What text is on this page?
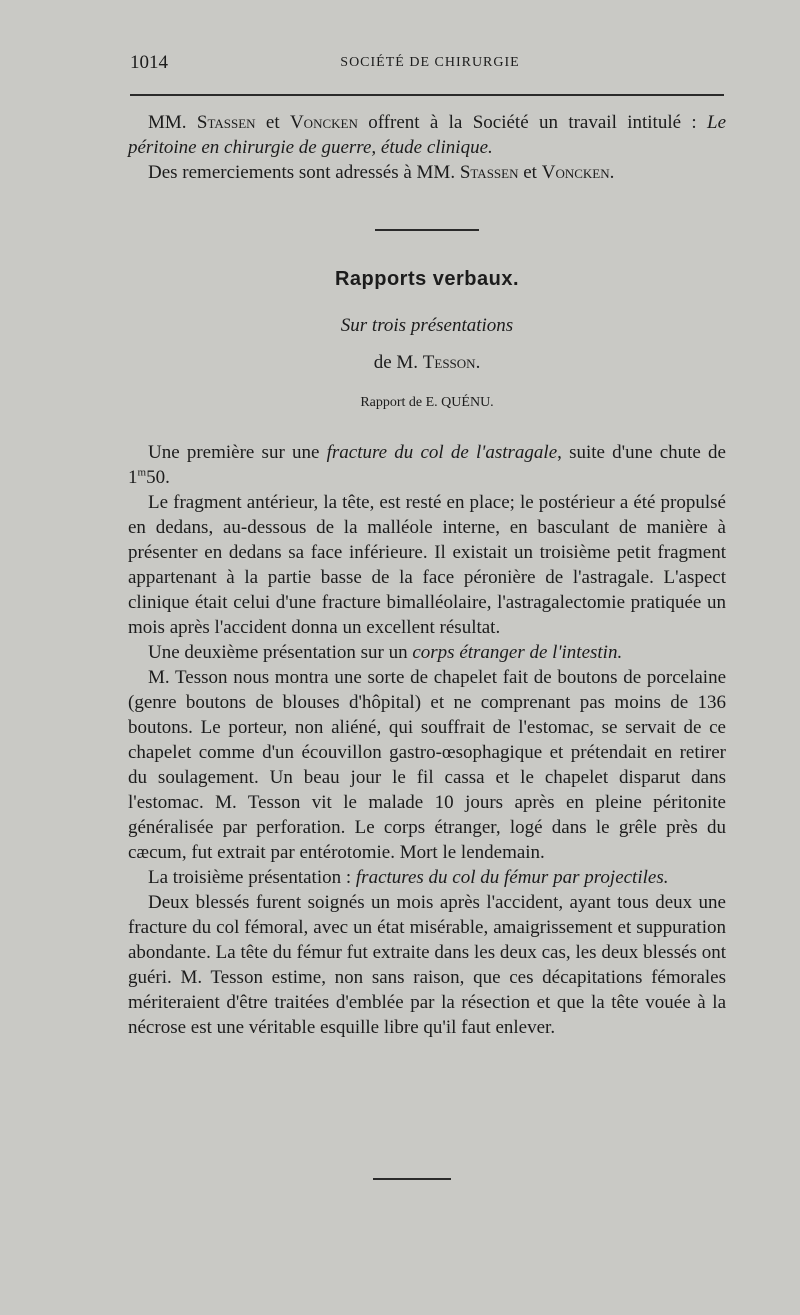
1014	SOCIÉTÉ DE CHIRURGIE

MM. Stassen et Voncken offrent à la Société un travail intitulé : Le péritoine en chirurgie de guerre, étude clinique.

Des remerciements sont adressés à MM. Stassen et Voncken.

Rapports verbaux.

Sur trois présentations

de M. Tesson.

Rapport de E. QUÉNU.

Une première sur une fracture du col de l'astragale, suite d'une chute de 1$^m$50.

Le fragment antérieur, la tête, est resté en place; le postérieur a été propulsé en dedans, au-dessous de la malléole interne, en basculant de manière à présenter en dedans sa face inférieure. Il existait un troisième petit fragment appartenant à la partie basse de la face péronière de l'astragale. L'aspect clinique était celui d'une fracture bimalléolaire, l'astragalectomie pratiquée un mois après l'accident donna un excellent résultat.

Une deuxième présentation sur un corps étranger de l'intestin.

M. Tesson nous montra une sorte de chapelet fait de boutons de porcelaine (genre boutons de blouses d'hôpital) et ne comprenant pas moins de 136 boutons. Le porteur, non aliéné, qui souffrait de l'estomac, se servait de ce chapelet comme d'un écouvillon gastro-œsophagique et prétendait en retirer du soulagement. Un beau jour le fil cassa et le chapelet disparut dans l'estomac. M. Tesson vit le malade 10 jours après en pleine péritonite généralisée par perforation. Le corps étranger, logé dans le grêle près du cæcum, fut extrait par entérotomie. Mort le lendemain.

La troisième présentation : fractures du col du fémur par projectiles.

Deux blessés furent soignés un mois après l'accident, ayant tous deux une fracture du col fémoral, avec un état misérable, amaigrissement et suppuration abondante. La tête du fémur fut extraite dans les deux cas, les deux blessés ont guéri. M. Tesson estime, non sans raison, que ces décapitations fémorales mériteraient d'être traitées d'emblée par la résection et que la tête vouée à la nécrose est une véritable esquille libre qu'il faut enlever.
